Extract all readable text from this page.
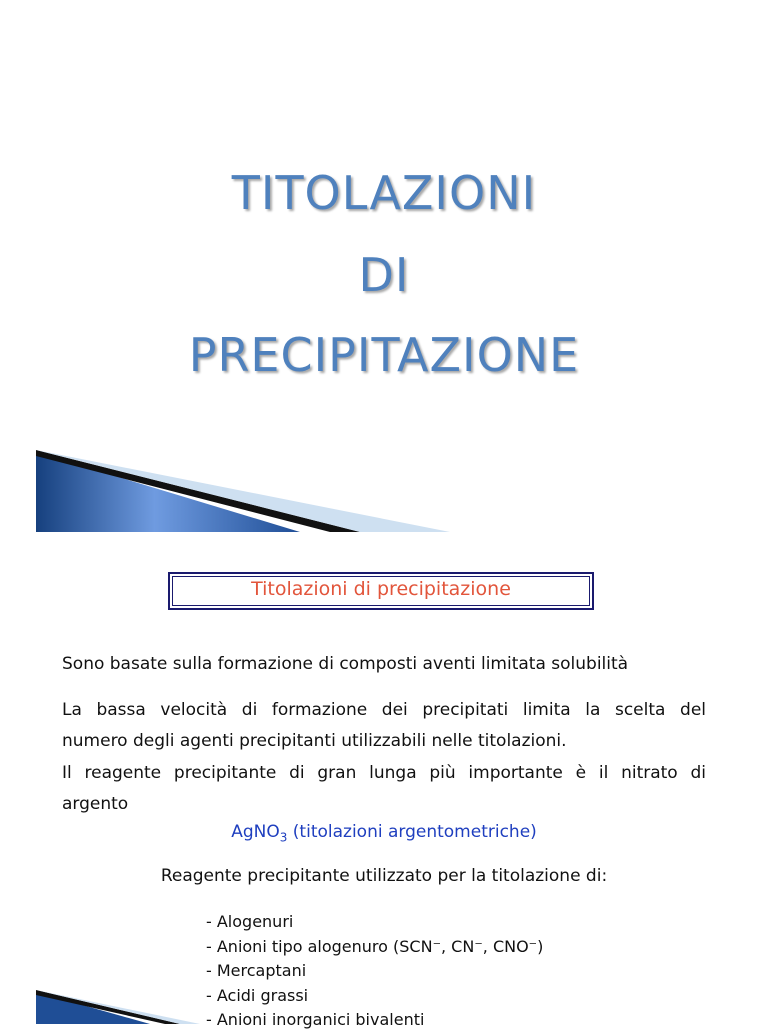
TITOLAZIONI
DI
PRECIPITAZIONE
Titolazioni di precipitazione
Sono basate sulla formazione di composti aventi limitata solubilità
La bassa velocità di formazione dei precipitati limita la scelta del
numero degli agenti precipitanti utilizzabili nelle titolazioni.
Il reagente precipitante di gran lunga più importante è il nitrato di
argento
AgNO$_3$ (titolazioni argentometriche)
Reagente precipitante utilizzato per la titolazione di:
- Alogenuri
- Anioni tipo alogenuro (SCN⁻, CN⁻, CNO⁻)
- Mercaptani
- Acidi grassi
- Anioni inorganici bivalenti
